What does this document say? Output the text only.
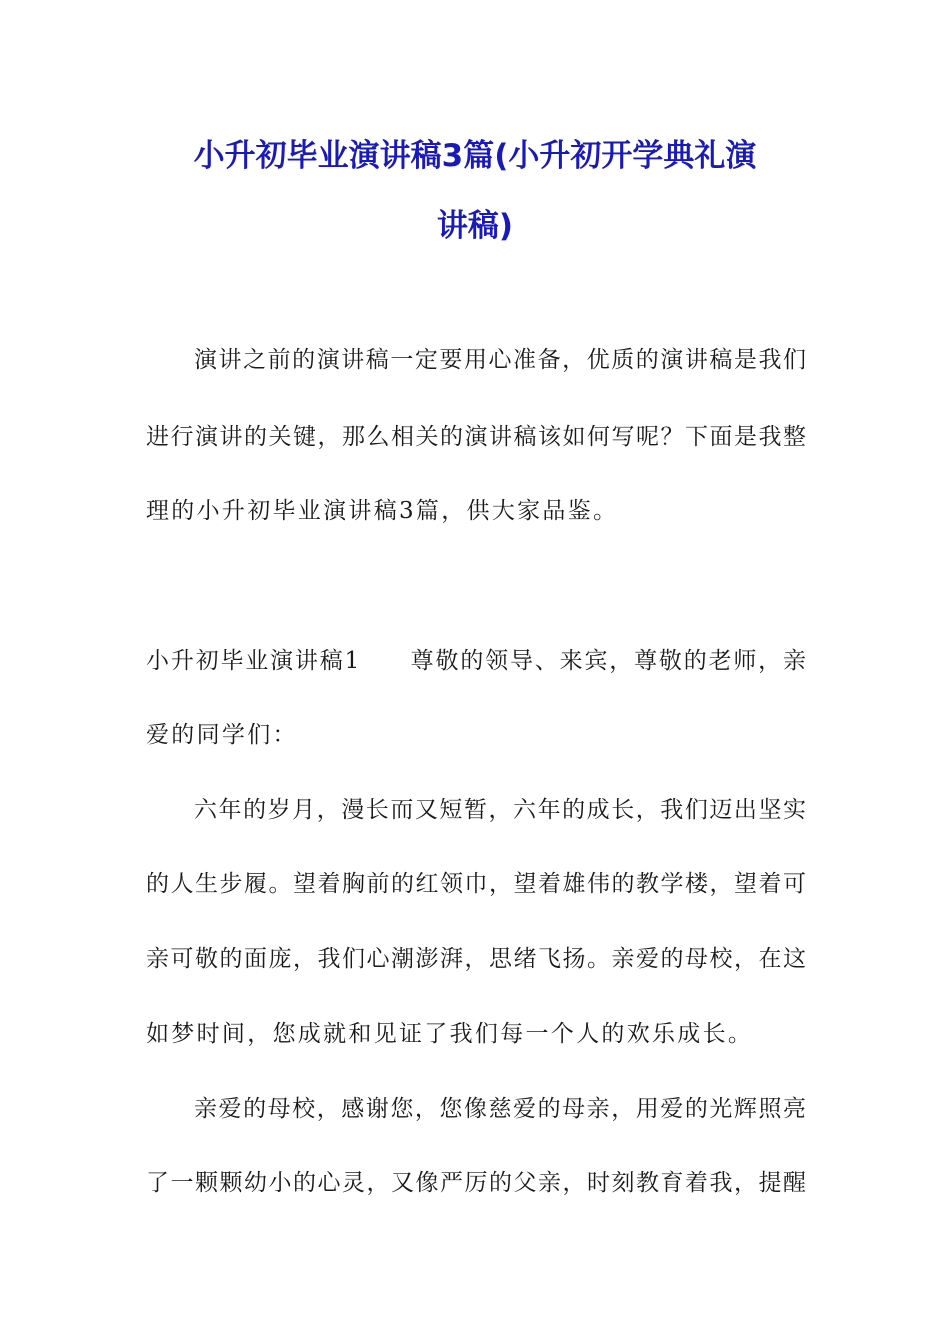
小升初毕业演讲稿3篇(小升初开学典礼演
讲稿)
演讲之前的演讲稿一定要用心准备，优质的演讲稿是我们
进行演讲的关键，那么相关的演讲稿该如何写呢？下面是我整
理的小升初毕业演讲稿3篇，供大家品鉴。
小升初毕业演讲稿1　　尊敬的领导、来宾，尊敬的老师，亲
爱的同学们：
六年的岁月，漫长而又短暂，六年的成长，我们迈出坚实
的人生步履。望着胸前的红领巾，望着雄伟的教学楼，望着可
亲可敬的面庞，我们心潮澎湃，思绪飞扬。亲爱的母校，在这
如梦时间，您成就和见证了我们每一个人的欢乐成长。
亲爱的母校，感谢您，您像慈爱的母亲，用爱的光辉照亮
了一颗颗幼小的心灵，又像严厉的父亲，时刻教育着我，提醒
